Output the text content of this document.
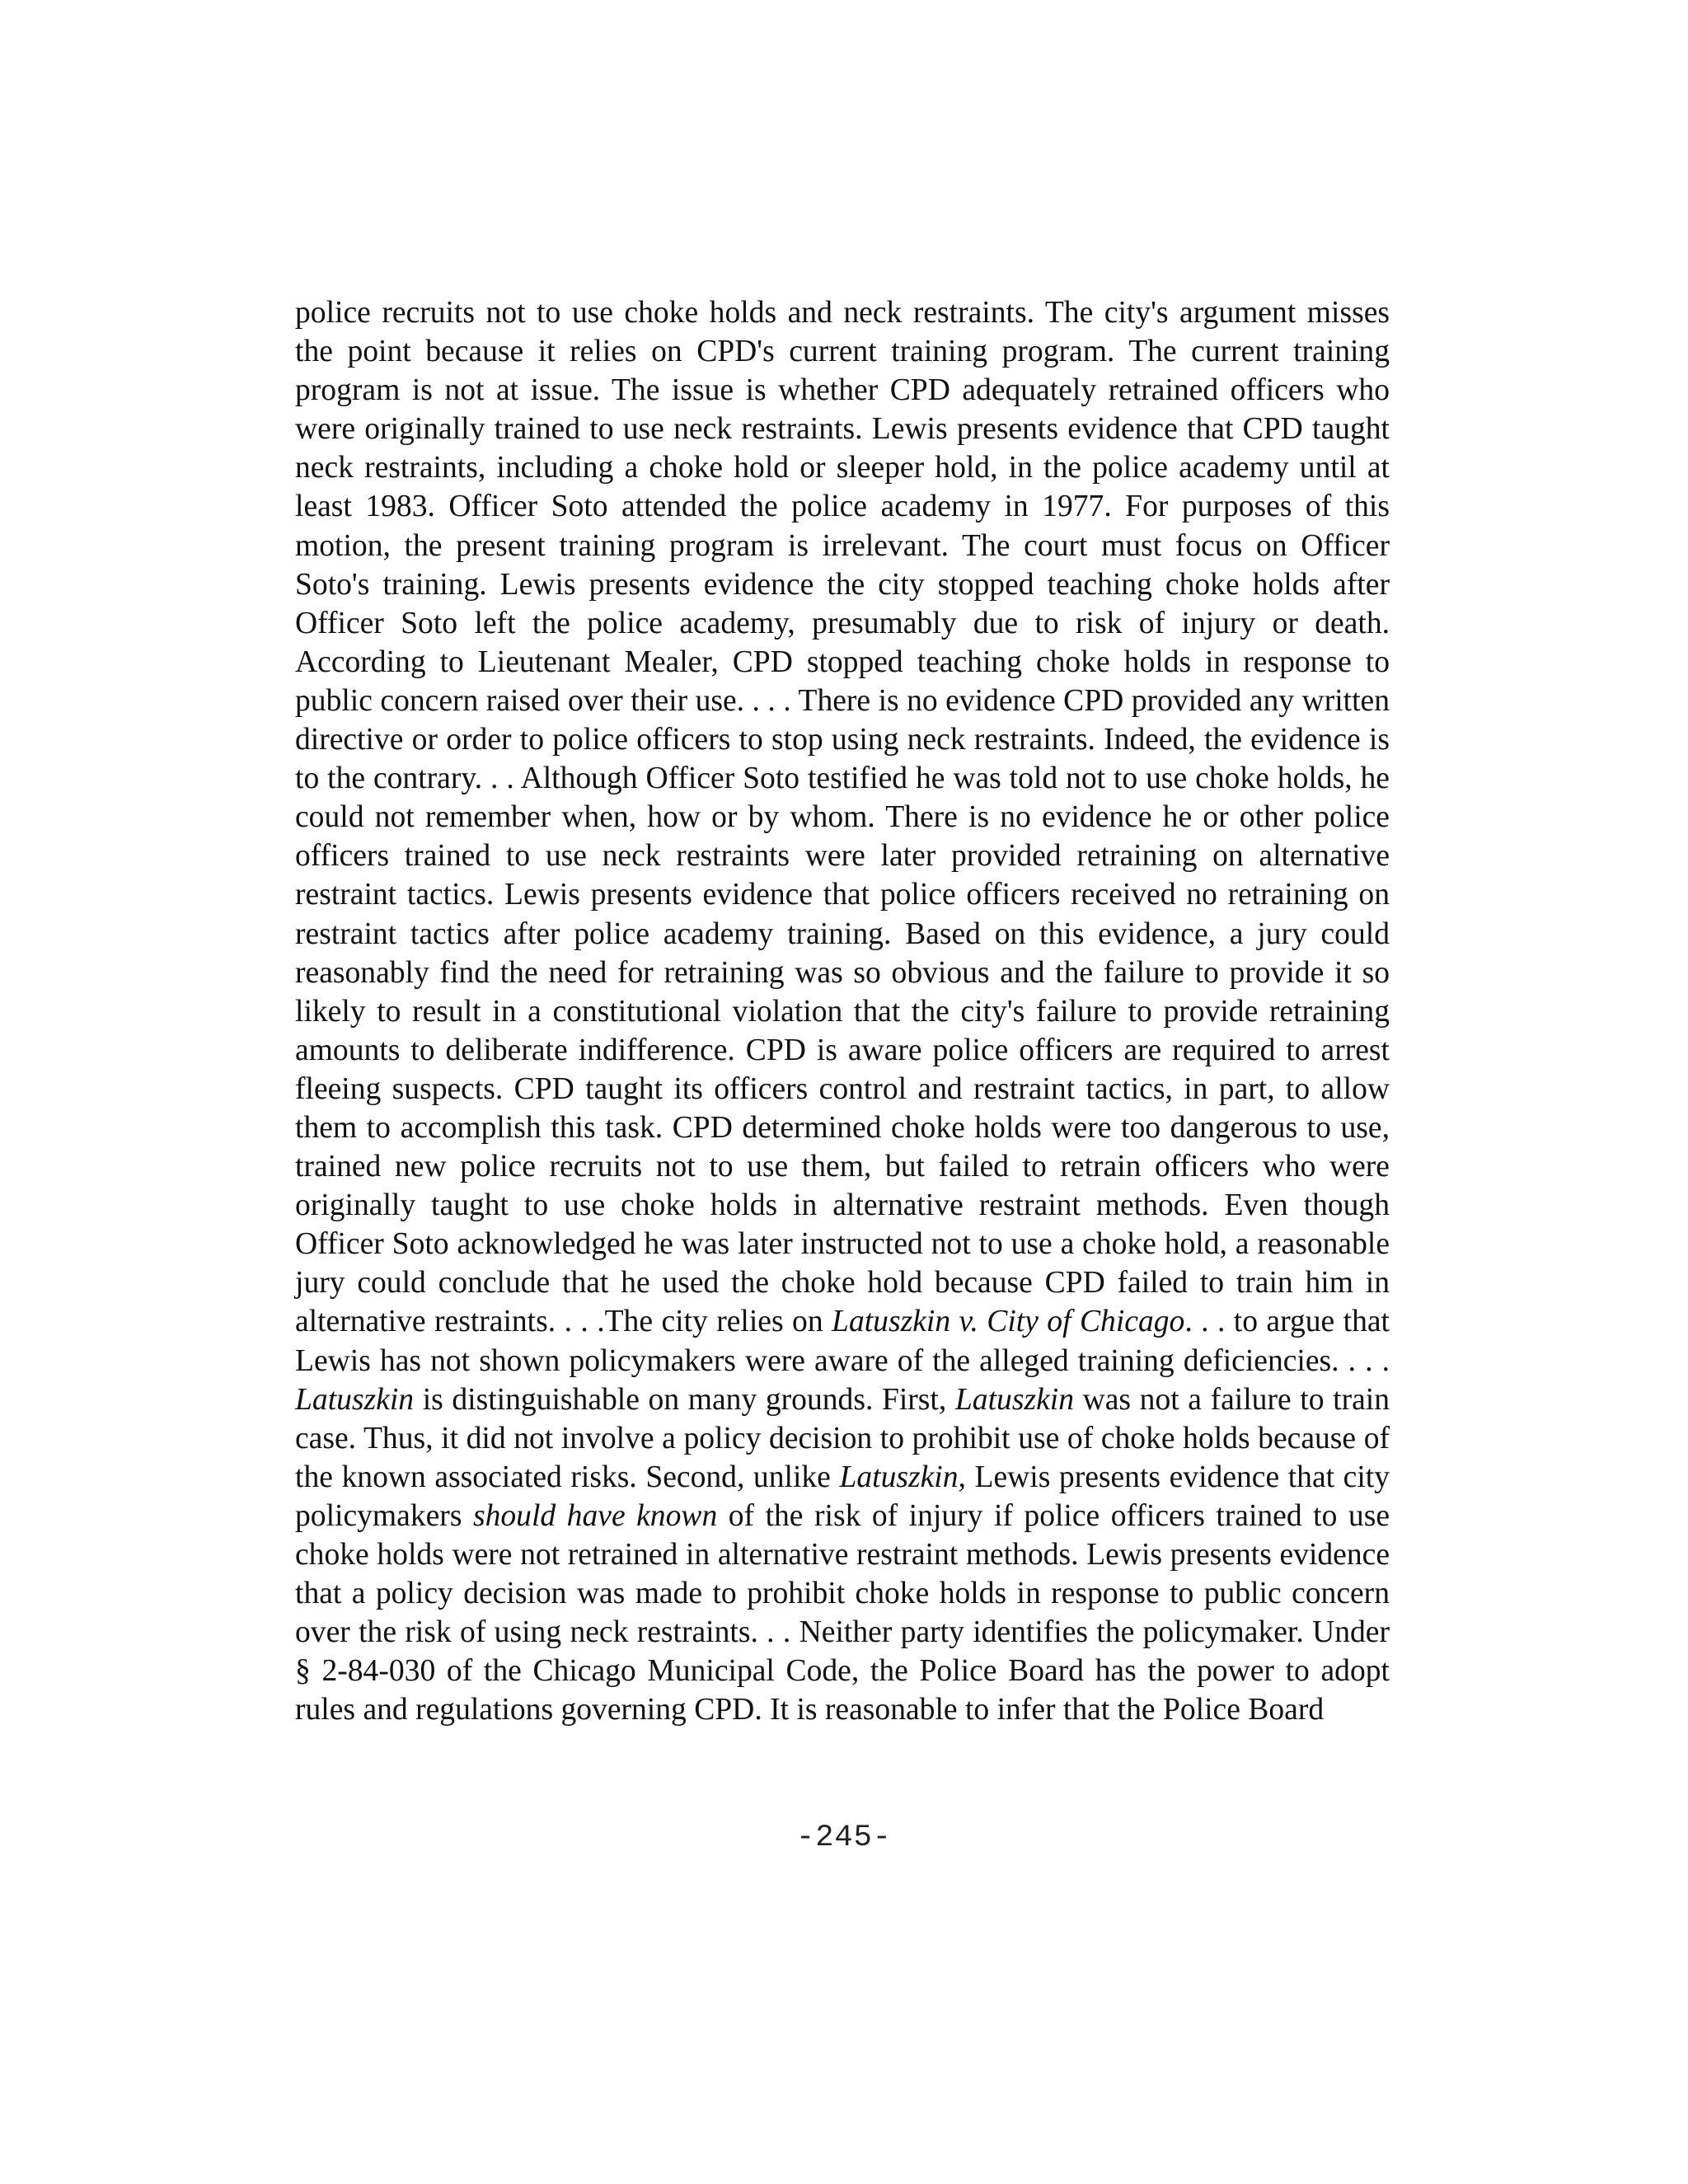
police recruits not to use choke holds and neck restraints. The city's argument misses the point because it relies on CPD's current training program. The current training program is not at issue. The issue is whether CPD adequately retrained officers who were originally trained to use neck restraints. Lewis presents evidence that CPD taught neck restraints, including a choke hold or sleeper hold, in the police academy until at least 1983. Officer Soto attended the police academy in 1977. For purposes of this motion, the present training program is irrelevant. The court must focus on Officer Soto's training. Lewis presents evidence the city stopped teaching choke holds after Officer Soto left the police academy, presumably due to risk of injury or death. According to Lieutenant Mealer, CPD stopped teaching choke holds in response to public concern raised over their use. . . . There is no evidence CPD provided any written directive or order to police officers to stop using neck restraints. Indeed, the evidence is to the contrary. . . Although Officer Soto testified he was told not to use choke holds, he could not remember when, how or by whom. There is no evidence he or other police officers trained to use neck restraints were later provided retraining on alternative restraint tactics. Lewis presents evidence that police officers received no retraining on restraint tactics after police academy training. Based on this evidence, a jury could reasonably find the need for retraining was so obvious and the failure to provide it so likely to result in a constitutional violation that the city's failure to provide retraining amounts to deliberate indifference. CPD is aware police officers are required to arrest fleeing suspects. CPD taught its officers control and restraint tactics, in part, to allow them to accomplish this task. CPD determined choke holds were too dangerous to use, trained new police recruits not to use them, but failed to retrain officers who were originally taught to use choke holds in alternative restraint methods. Even though Officer Soto acknowledged he was later instructed not to use a choke hold, a reasonable jury could conclude that he used the choke hold because CPD failed to train him in alternative restraints. . . .The city relies on Latuszkin v. City of Chicago. . . to argue that Lewis has not shown policymakers were aware of the alleged training deficiencies. . . . Latuszkin is distinguishable on many grounds. First, Latuszkin was not a failure to train case. Thus, it did not involve a policy decision to prohibit use of choke holds because of the known associated risks. Second, unlike Latuszkin, Lewis presents evidence that city policymakers should have known of the risk of injury if police officers trained to use choke holds were not retrained in alternative restraint methods. Lewis presents evidence that a policy decision was made to prohibit choke holds in response to public concern over the risk of using neck restraints. . . Neither party identifies the policymaker. Under § 2-84-030 of the Chicago Municipal Code, the Police Board has the power to adopt rules and regulations governing CPD. It is reasonable to infer that the Police Board

-245-
